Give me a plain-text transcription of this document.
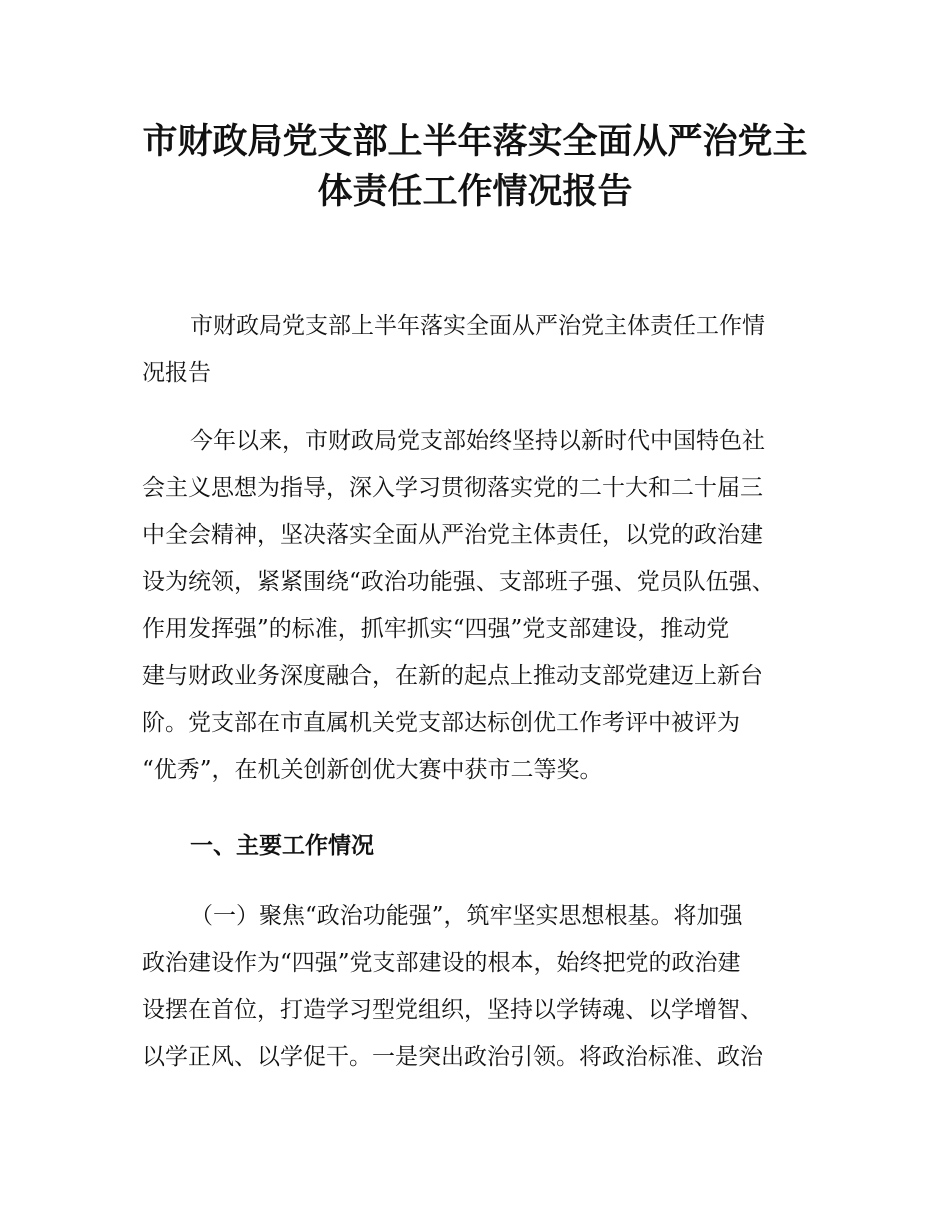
市财政局党支部上半年落实全面从严治党主
体责任工作情况报告
市财政局党支部上半年落实全面从严治党主体责任工作情
况报告
今年以来，市财政局党支部始终坚持以新时代中国特色社
会主义思想为指导，深入学习贯彻落实党的二十大和二十届三
中全会精神，坚决落实全面从严治党主体责任，以党的政治建
设为统领，紧紧围绕“政治功能强、支部班子强、党员队伍强、
作用发挥强”的标准，抓牢抓实“四强”党支部建设，推动党
建与财政业务深度融合，在新的起点上推动支部党建迈上新台
阶。党支部在市直属机关党支部达标创优工作考评中被评为
“优秀”，在机关创新创优大赛中获市二等奖。
一、主要工作情况
（一）聚焦“政治功能强”，筑牢坚实思想根基。将加强
政治建设作为“四强”党支部建设的根本，始终把党的政治建
设摆在首位，打造学习型党组织，坚持以学铸魂、以学增智、
以学正风、以学促干。一是突出政治引领。将政治标准、政治
